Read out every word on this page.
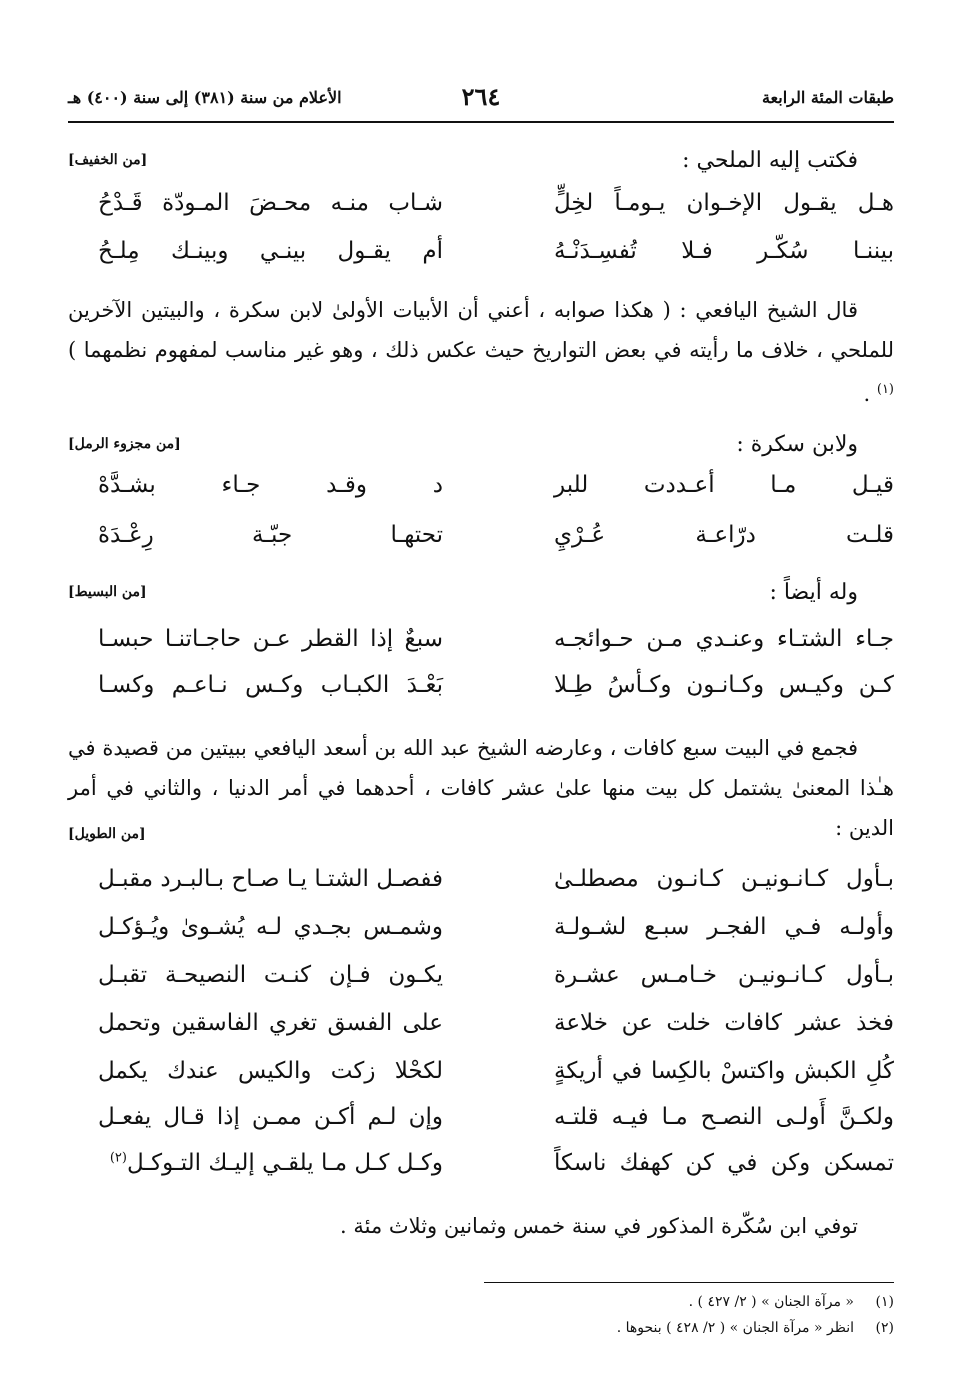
طبقات المئة الرابعة
٢٦٤
الأعلام من سنة (٣٨١) إلى سنة (٤٠٠) هـ
فكتب إليه الملحي :
[من الخفيف]
هـل يقـول الإخـوان يـومـاً لخِلٍّ
شـاب منـه محـضَ المـودّة قَـدْحُ
بيننـا سُكّـر فـلا تُفسِـدَنْـهُ
أم يقـول بينـي وبينـك مِلـحُ
قال الشيخ اليافعي : ( هكذا صوابه ، أعني أن الأبيات الأولىٰ لابن سكرة ، والبيتين الآخرين للملحي ، خلاف ما رأيته في بعض التواريخ حيث عكس ذلك ، وهو غير مناسب لمفهوم نظمهما )$^{(١)}$ .
ولابن سكرة :
[من مجزوء الرمل]
قيـل مـا أعـددت للبر
د وقـد جـاء بشـدَّهْ
قلـت درّاعـة عُـرْيِ
تحتهـا جبّـة رِعْـدَهْ
وله أيضاً :
[من البسيط]
جـاء الشتـاء وعنـدي مـن حـوائجـه
سبعٌ إذا القطر عـن حاجـاتنـا حبسـا
كـن وكيـس وكـانـون وكـأسُ طِـلا
بَعْـدَ الكبـاب وكـس نـاعـم وكسـا
فجمع في البيت سبع كافات ، وعارضه الشيخ عبد الله بن أسعد اليافعي ببيتين من قصيدة في هـٰذا المعنىٰ يشتمل كل بيت منها علىٰ عشر كافات ، أحدهما في أمر الدنيا ، والثاني في أمر الدين :
[من الطويل]
بـأول كـانـونيـن كـانـون مصطلـىٰ
ففصـل الشتـا يـا صـاح بـالبـرد مقبـل
وأولـه فـي الفجـر سبـع لشـولـة
وشمـس بجـدي لـه يُشـوىٰ ويُـؤكـل
بـأول كـانـونيـن خـامـس عشـرة
يكـون فـإن كنـت النصيحـة تقبـل
فخذ عشر كافات خلت عن خلاعة
على الفسق تغري الفاسقين وتحمل
كُلِ الكبش واكتسْ بالكِسا في أريكةٍ
لكحْلا زكت والكيس عندك يكمل
ولكـنَّ أَولـى النصـح مـا فيـه قلتـه
وإن لـم أكـن ممـن إذا قـال يفعـل
تمسكن وكن في كن كهفك ناسكاً
وكـل كـل مـا يلقـي إليـك التـوكـل$^{(٢)}$
توفي ابن سُكّرة المذكور في سنة خمس وثمانين وثلاث مئة .
(١)« مرآة الجنان » ( ٢/ ٤٢٧ ) .
(٢)انظر « مرآة الجنان » ( ٢/ ٤٢٨ ) بنحوها .
